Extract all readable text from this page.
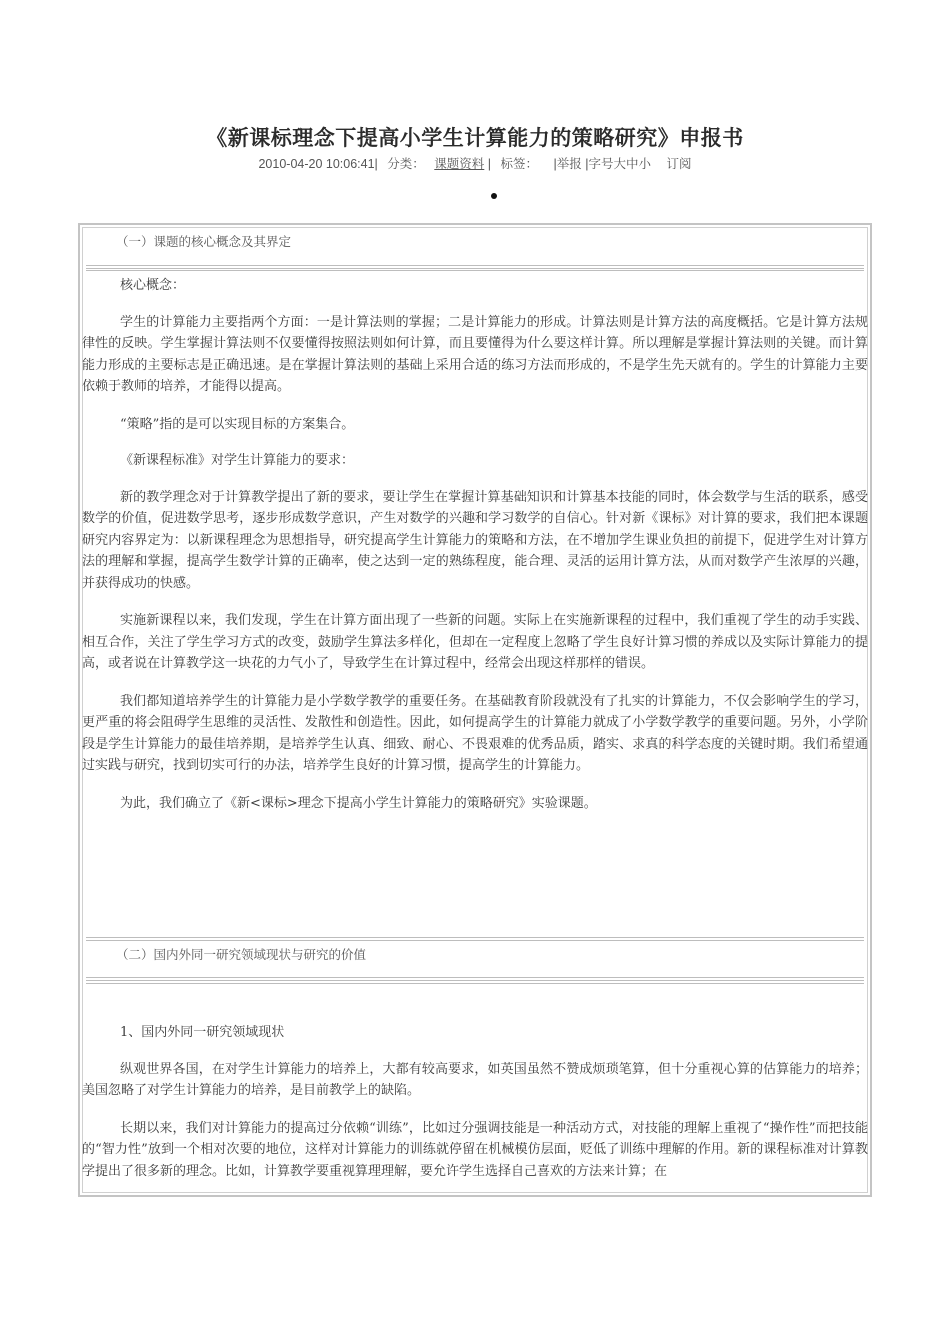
《新课标理念下提高小学生计算能力的策略研究》申报书
2010-04-20 10:06:41| 分类： 课题资料 | 标签： |举报 |字号大中小 订阅
（一）课题的核心概念及其界定

核心概念：

学生的计算能力主要指两个方面：一是计算法则的掌握；二是计算能力的形成。计算法则是计算方法的高度概括。它是计算方法规律性的反映。学生掌握计算法则不仅要懂得按照法则如何计算，而且要懂得为什么要这样计算。所以理解是掌握计算法则的关键。而计算能力形成的主要标志是正确迅速。是在掌握计算法则的基础上采用合适的练习方法而形成的，不是学生先天就有的。学生的计算能力主要依赖于教师的培养，才能得以提高。

“策略”指的是可以实现目标的方案集合。

《新课程标准》对学生计算能力的要求：

新的教学理念对于计算教学提出了新的要求，要让学生在掌握计算基础知识和计算基本技能的同时，体会数学与生活的联系，感受数学的价值，促进数学思考，逐步形成数学意识，产生对数学的兴趣和学习数学的自信心。针对新《课标》对计算的要求，我们把本课题研究内容界定为：以新课程理念为思想指导，研究提高学生计算能力的策略和方法，在不增加学生课业负担的前提下，促进学生对计算方法的理解和掌握，提高学生数学计算的正确率，使之达到一定的熟练程度，能合理、灵活的运用计算方法，从而对数学产生浓厚的兴趣，并获得成功的快感。

实施新课程以来，我们发现，学生在计算方面出现了一些新的问题。实际上在实施新课程的过程中，我们重视了学生的动手实践、相互合作，关注了学生学习方式的改变，鼓励学生算法多样化，但却在一定程度上忽略了学生良好计算习惯的养成以及实际计算能力的提高，或者说在计算教学这一块花的力气小了，导致学生在计算过程中，经常会出现这样那样的错误。

我们都知道培养学生的计算能力是小学数学教学的重要任务。在基础教育阶段就没有了扎实的计算能力，不仅会影响学生的学习，更严重的将会阻碍学生思维的灵活性、发散性和创造性。因此，如何提高学生的计算能力就成了小学数学教学的重要问题。另外，小学阶段是学生计算能力的最佳培养期，是培养学生认真、细致、耐心、不畏艰难的优秀品质，踏实、求真的科学态度的关键时期。我们希望通过实践与研究，找到切实可行的办法，培养学生良好的计算习惯，提高学生的计算能力。

为此，我们确立了《新<课标>理念下提高小学生计算能力的策略研究》实验课题。

（二）国内外同一研究领域现状与研究的价值

1、国内外同一研究领域现状

纵观世界各国，在对学生计算能力的培养上，大都有较高要求，如英国虽然不赞成烦琐笔算，但十分重视心算的估算能力的培养；美国忽略了对学生计算能力的培养，是目前教学上的缺陷。

长期以来，我们对计算能力的提高过分依赖“训练”，比如过分强调技能是一种活动方式，对技能的理解上重视了“操作性”而把技能的“智力性”放到一个相对次要的地位，这样对计算能力的训练就停留在机械模仿层面，贬低了训练中理解的作用。新的课程标准对计算教学提出了很多新的理念。比如，计算教学要重视算理理解，要允许学生选择自己喜欢的方法来计算；在
